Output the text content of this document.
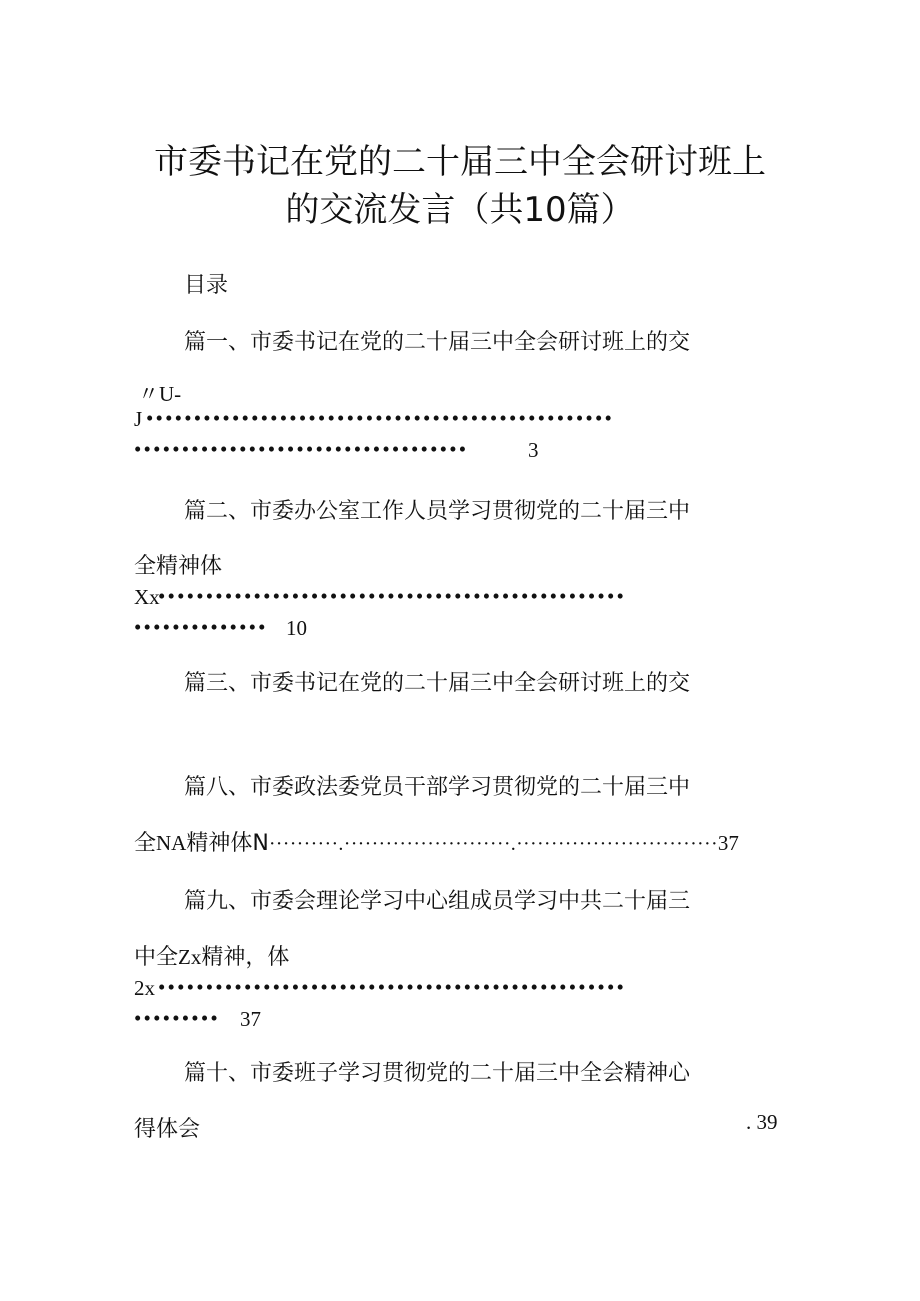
市委书记在党的二十届三中全会研讨班上
的交流发言（共10篇）
目录
篇一、市委书记在党的二十届三中全会研讨班上的交
〃U-
J •••••••••••••••••••••••••••••••••••••••••••••••••
•••••••••••••••••••••••••••••••••••	3
篇二、市委办公室工作人员学习贯彻党的二十届三中
全精神体
Xx
•••••••••••••••••••••••••••••••••••••••••••••••••
•••••••••••••• 10
篇三、市委书记在党的二十届三中全会研讨班上的交
篇八、市委政法委党员干部学习贯彻党的二十届三中
全 NA 精神体N ··········.························.····························· 37
篇九、市委会理论学习中心组成员学习中共二十届三
中全 Zx 精神，体
2x •••••••••••••••••••••••••••••••••••••••••••••••••
••••••••• 37
篇十、市委班子学习贯彻党的二十届三中全会精神心
得体会	. 39
